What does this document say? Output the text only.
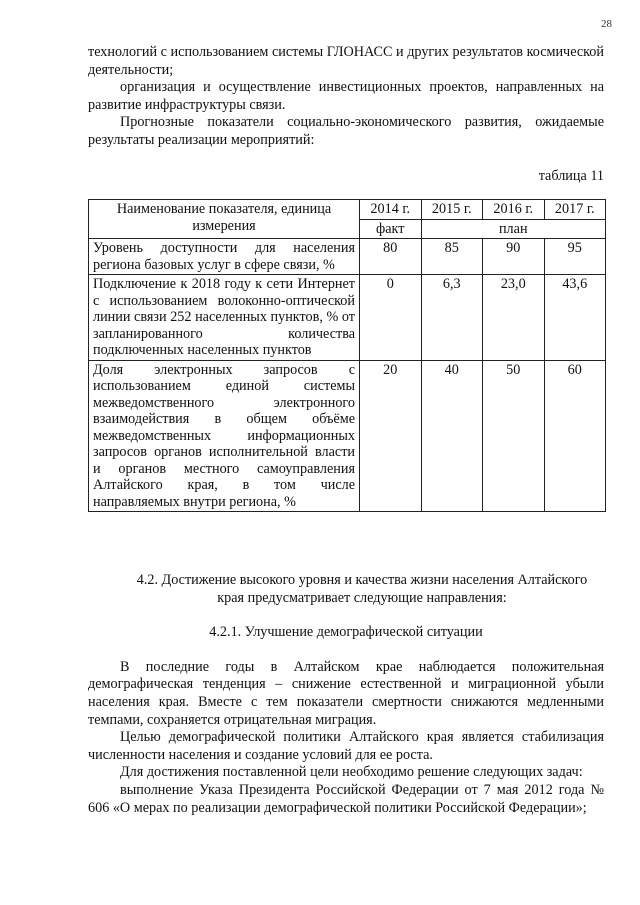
28

технологий с использованием системы ГЛОНАСС и других результатов космической деятельности;

организация и осуществление инвестиционных проектов, направленных на развитие инфраструктуры связи.

Прогнозные показатели социально-экономического развития, ожидаемые результаты реализации мероприятий:

таблица 11
Наименование показателя, единица измерения	2014 г.	2015 г.	2016 г.	2017 г.
	факт	план		
Уровень доступности для населения региона базовых услуг в сфере связи, %	80	85	90	95
Подключение к 2018 году к сети Интернет с использованием волоконно-оптической линии связи 252 населенных пунктов, % от запланированного количества подключенных населенных пунктов	0	6,3	23,0	43,6
Доля электронных запросов с использованием единой системы межведомственного электронного взаимодействия в общем объёме межведомственных информационных запросов органов исполнительной власти и органов местного самоуправления Алтайского края, в том числе направляемых внутри региона, %	20	40	50	60

4.2. Достижение высокого уровня и качества жизни населения Алтайского края предусматривает следующие направления:

4.2.1. Улучшение демографической ситуации

В последние годы в Алтайском крае наблюдается положительная демографическая тенденция – снижение естественной и миграционной убыли населения края. Вместе с тем показатели смертности снижаются медленными темпами, сохраняется отрицательная миграция.

Целью демографической политики Алтайского края является стабилизация численности населения и создание условий для ее роста.

Для достижения поставленной цели необходимо решение следующих задач:

выполнение Указа Президента Российской Федерации от 7 мая 2012 года № 606 «О мерах по реализации демографической политики Российской Федерации»;
